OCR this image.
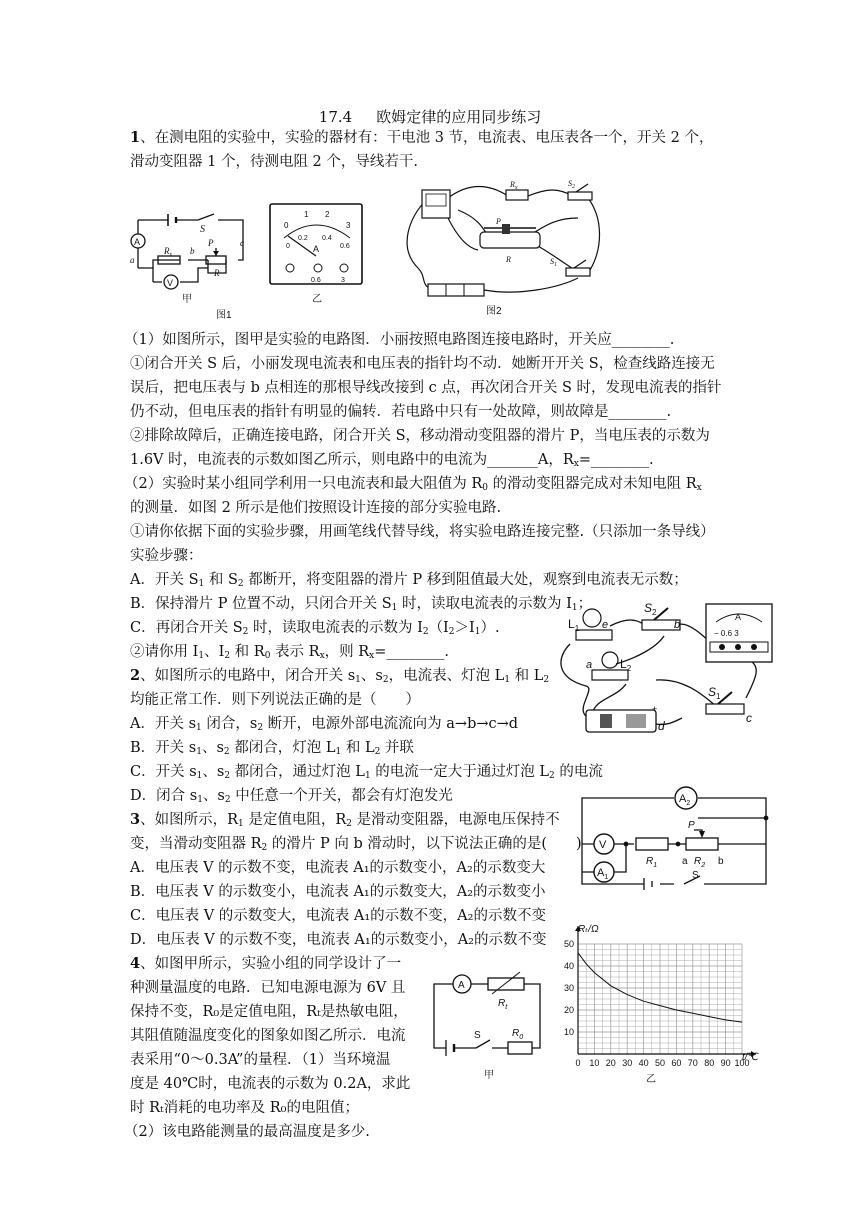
17.4 欧姆定律的应用同步练习
1、在测电阻的实验中，实验的器材有：干电池 3 节，电流表、电压表各一个，开关 2 个，
滑动变阻器 1 个，待测电阻 2 个，导线若干.
A
V
S
$R_x$
P
R
a
b
c
甲
图1
0
1 2
3
0
0.2 0.4
0.6
A
0.6	3
乙
$R_x$
P
R
$S_2$
$S_1$
图2
（1）如图所示，图甲是实验的电路图．小丽按照电路图连接电路时，开关应________.
①闭合开关 S 后，小丽发现电流表和电压表的指针均不动．她断开开关 S，检查线路连接无
误后，把电压表与 b 点相连的那根导线改接到 c 点，再次闭合开关 S 时，发现电流表的指针
仍不动，但电压表的指针有明显的偏转．若电路中只有一处故障，则故障是________.
②排除故障后，正确连接电路，闭合开关 S，移动滑动变阻器的滑片 P，当电压表的示数为
1.6V 时，电流表的示数如图乙所示，则电路中的电流为_______A，$R_x=\_\_\_\_\_\_\_\_$.
（2）实验时某小组同学利用一只电流表和最大阻值为 $R_0$ 的滑动变阻器完成对未知电阻 $R_x$
的测量．如图 2 所示是他们按照设计连接的部分实验电路.
①请你依据下面的实验步骤，用画笔线代替导线，将实验电路连接完整.（只添加一条导线）
实验步骤：
A．开关 $S_1$ 和 $S_2$ 都断开，将变阻器的滑片 P 移到阻值最大处，观察到电流表无示数；
B．保持滑片 P 位置不动，只闭合开关 $S_1$ 时，读取电流表的示数为 $I_1$；
C．再闭合开关 $S_2$ 时，读取电流表的示数为 $I_2(I_2>I_1)$.
②请你用 $I_1$、$I_2$ 和 $R_0$ 表示 $R_x$，则 $R_x=\_\_\_\_\_\_\_\_$.
2、如图所示的电路中，闭合开关 $s_1$、$s_2$，电流表、灯泡 $L_1$ 和 $L_2$
均能正常工作．则下列说法正确的是（　　）
A．开关 $s_1$ 闭合，$s_2$ 断开，电源外部电流流向为 a→b→c→d
B．开关 $s_1$、$s_2$ 都闭合，灯泡 $L_1$ 和 $L_2$ 并联
C．开关 $s_1$、$s_2$ 都闭合，通过灯泡 $L_1$ 的电流一定大于通过灯泡 $L_2$ 的电流
D．闭合 $s_1$、$s_2$ 中任意一个开关，都会有灯泡发光
$L_1$ e
$S_2$
b
A
− 0.6 3
a $L_2$
+
d
$S_1$
c
3、如图所示，$R_1$ 是定值电阻，$R_2$ 是滑动变阻器，电源电压保持不
变，当滑动变阻器 $R_2$ 的滑片 P 向 b 滑动时，以下说法正确的是(　　)
A．电压表 V 的示数不变，电流表 A₁的示数变小，A₂的示数变大
B．电压表 V 的示数变小，电流表 A₁的示数变大，A₂的示数变小
C．电压表 V 的示数变大，电流表 A₁的示数不变，A₂的示数不变
D．电压表 V 的示数不变，电流表 A₁的示数变小，A₂的示数不变
$A_2$
V
$R_1$
P
a $R_2$ b
$A_1$	S
4、如图甲所示，实验小组的同学设计了一
种测量温度的电路．已知电源电源为 6V 且
保持不变，R₀是定值电阻，Rₜ是热敏电阻，
其阻值随温度变化的图象如图乙所示．电流
表采用“0～0.3A”的量程．（1）当环境温
度是 40℃时，电流表的示数为 0.2A，求此
时 Rₜ消耗的电功率及 R₀的电阻值；
（2）该电路能测量的最高温度是多少.
A
$R_t$
S	$R_0$
甲
0 10 20 30 40 50 60 70 80 90 100
10
20
30
40
50
Rₜ/Ω
t/℃
乙
